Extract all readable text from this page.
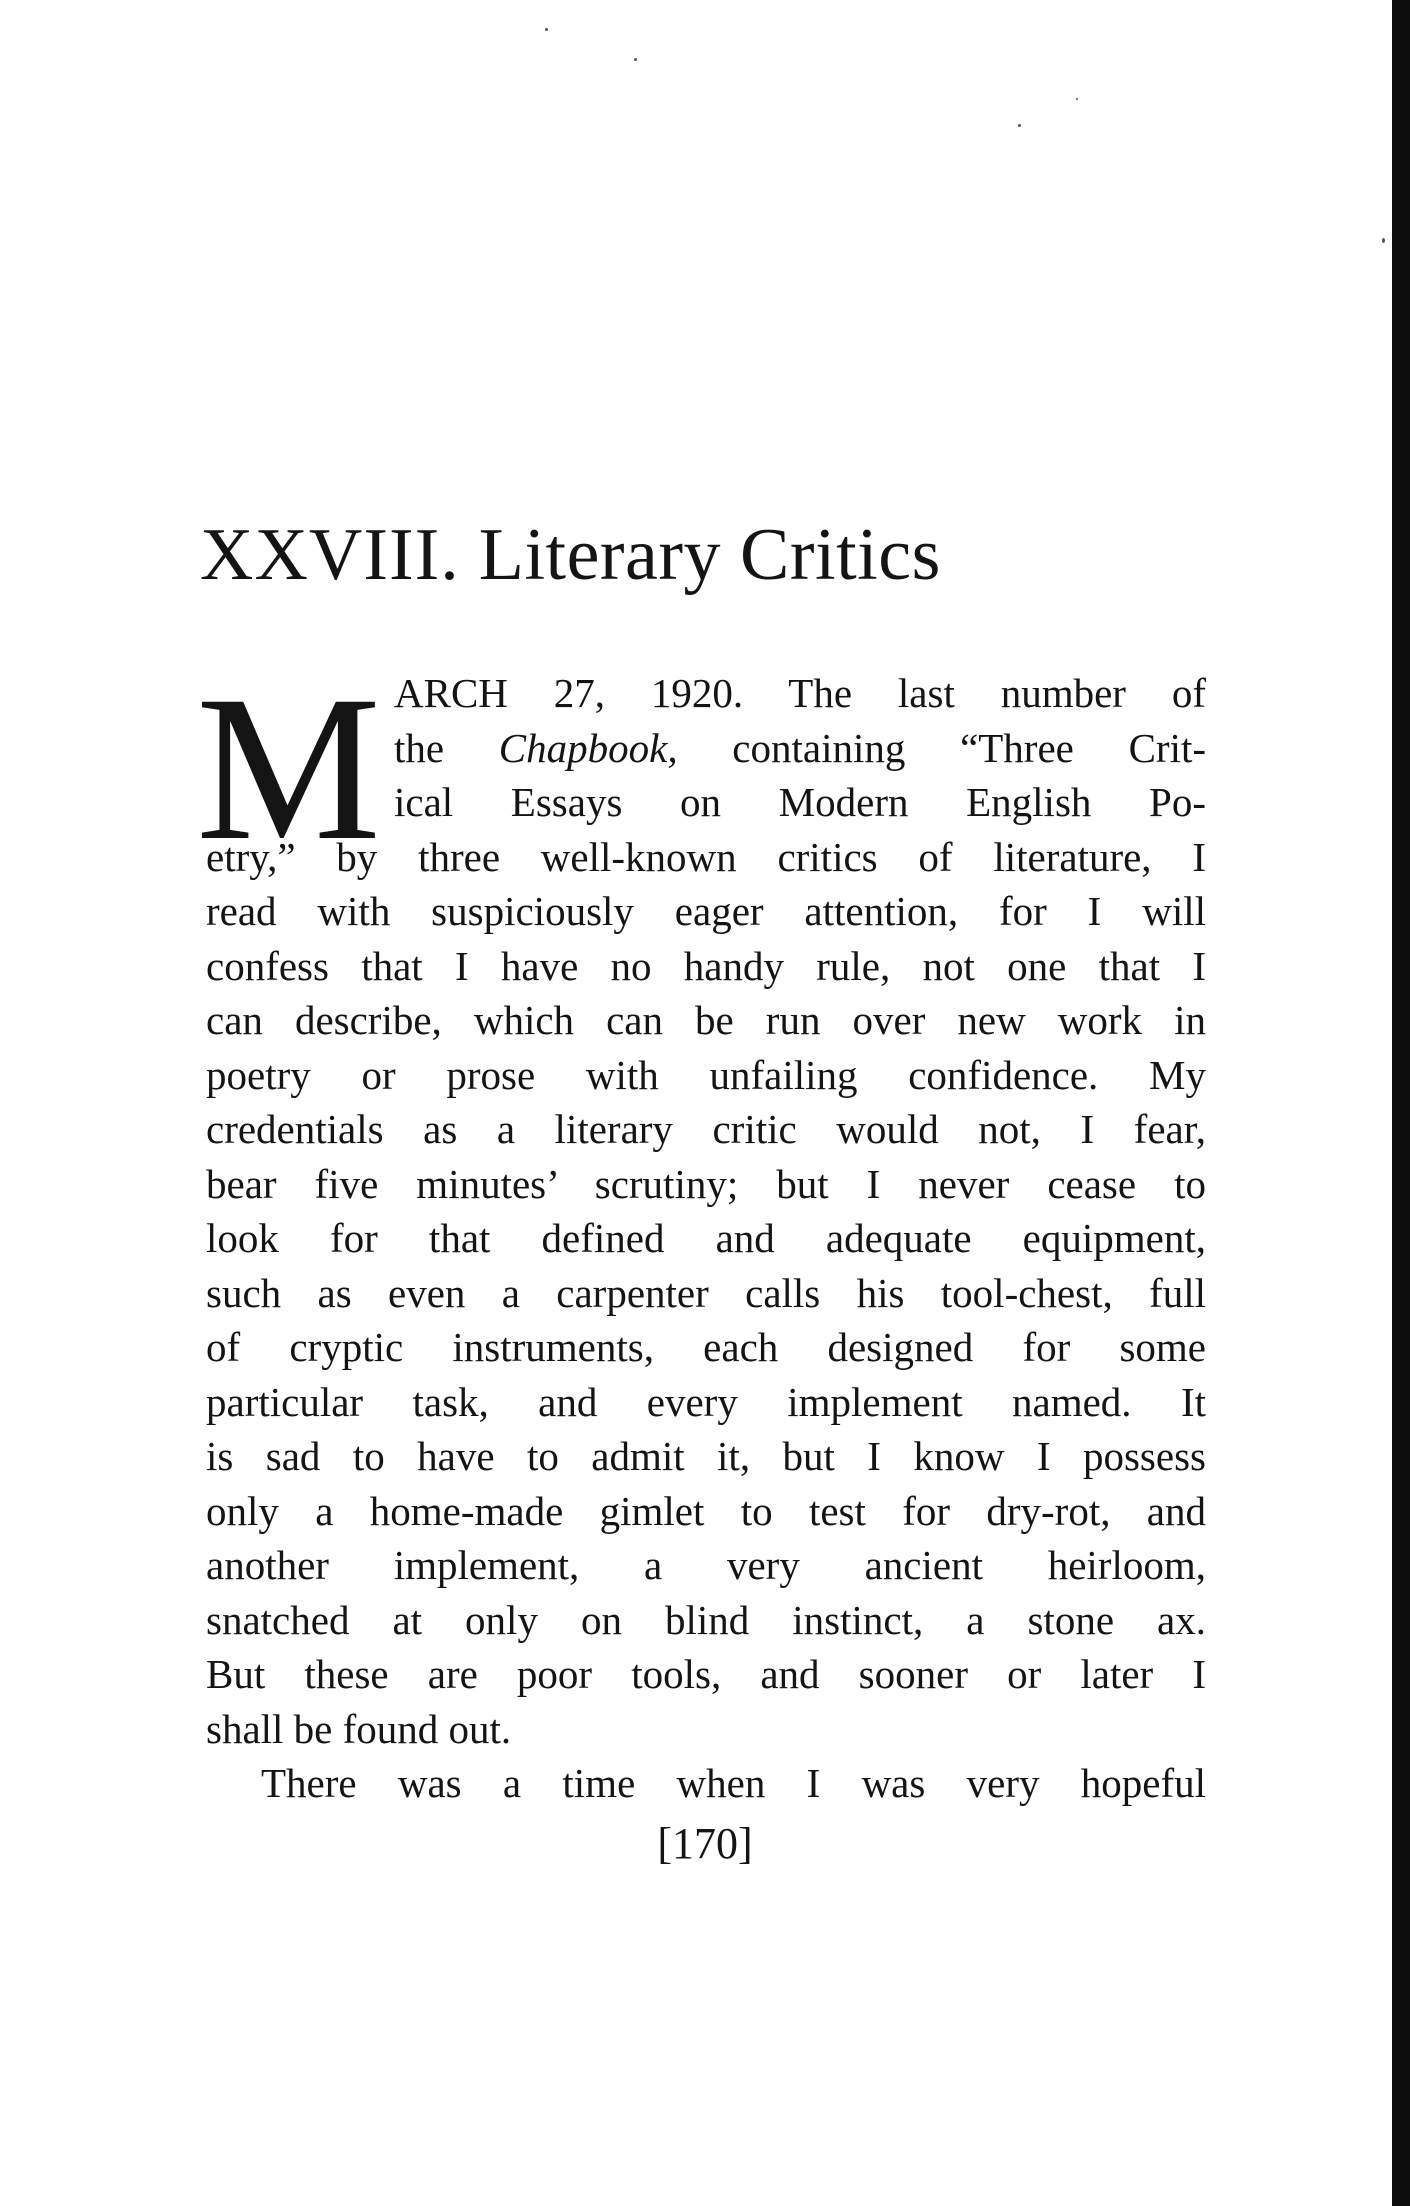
XXVIII. Literary Critics
M ARCH 27, 1920. The last number of
the Chapbook, containing “Three Crit-
ical Essays on Modern English Po-
etry,” by three well-known critics of literature, I
read with suspiciously eager attention, for I will
confess that I have no handy rule, not one that I
can describe, which can be run over new work in
poetry or prose with unfailing confidence. My
credentials as a literary critic would not, I fear,
bear five minutes’ scrutiny; but I never cease to
look for that defined and adequate equipment,
such as even a carpenter calls his tool-chest, full
of cryptic instruments, each designed for some
particular task, and every implement named. It
is sad to have to admit it, but I know I possess
only a home-made gimlet to test for dry-rot, and
another implement, a very ancient heirloom,
snatched at only on blind instinct, a stone ax.
But these are poor tools, and sooner or later I
shall be found out.
There was a time when I was very hopeful
[170]
